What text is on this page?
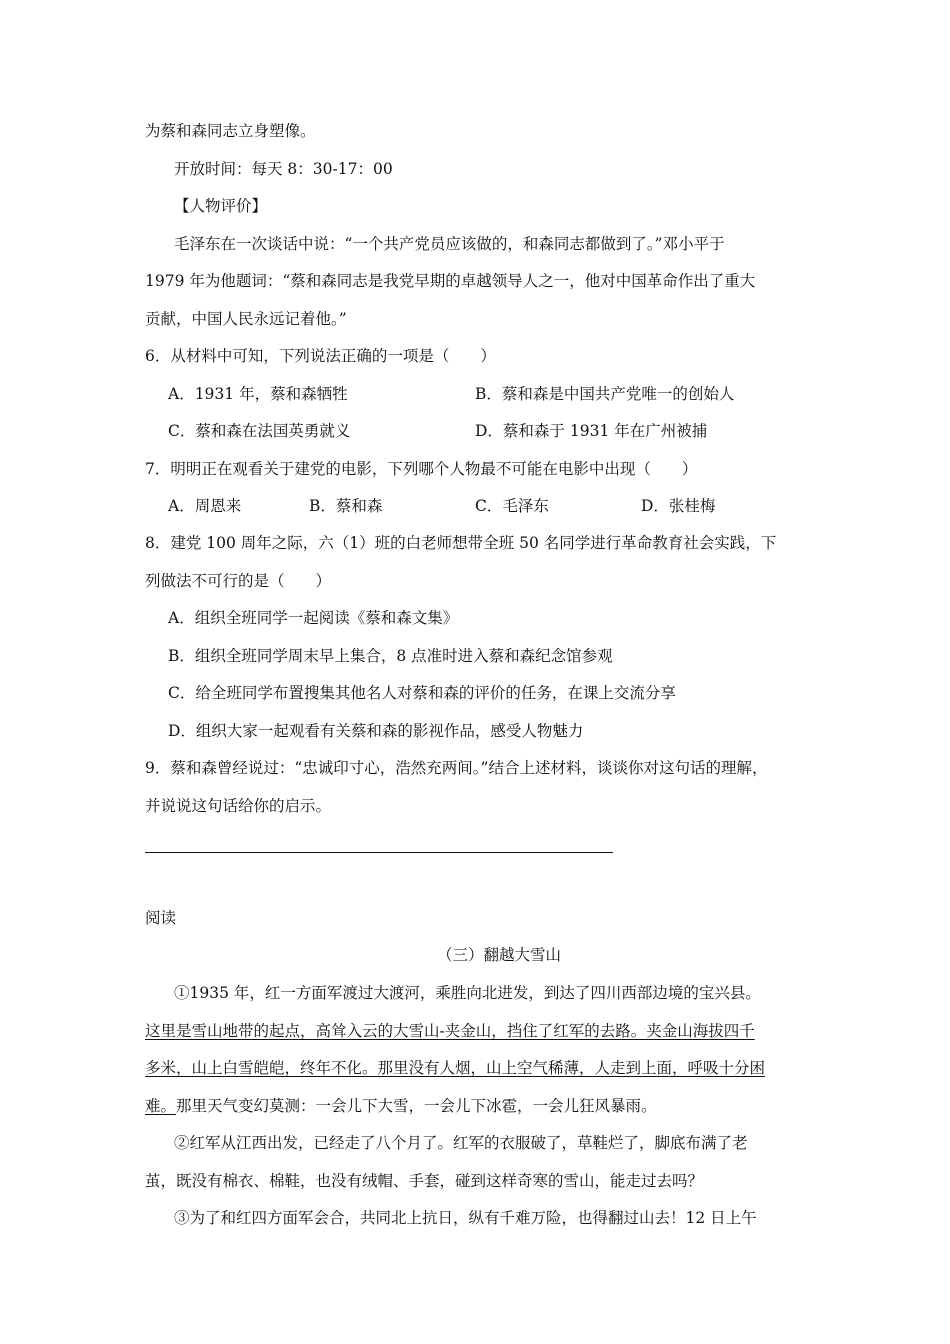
为蔡和森同志立身塑像。
开放时间：每天 8：30-17：00
【人物评价】
毛泽东在一次谈话中说：“一个共产党员应该做的，和森同志都做到了。”邓小平于
1979 年为他题词：“蔡和森同志是我党早期的卓越领导人之一，他对中国革命作出了重大
贡献，中国人民永远记着他。”
6．从材料中可知，下列说法正确的一项是（　　）
A．1931 年，蔡和森牺牲	B．蔡和森是中国共产党唯一的创始人
C．蔡和森在法国英勇就义	D．蔡和森于 1931 年在广州被捕
7．明明正在观看关于建党的电影，下列哪个人物最不可能在电影中出现（　　）
A．周恩来	B．蔡和森	C．毛泽东	D．张桂梅
8．建党 100 周年之际，六（1）班的白老师想带全班 50 名同学进行革命教育社会实践，下
列做法不可行的是（　　）
A．组织全班同学一起阅读《蔡和森文集》
B．组织全班同学周末早上集合，8 点准时进入蔡和森纪念馆参观
C．给全班同学布置搜集其他名人对蔡和森的评价的任务，在课上交流分享
D．组织大家一起观看有关蔡和森的影视作品，感受人物魅力
9．蔡和森曾经说过：“忠诚印寸心，浩然充两间。”结合上述材料，谈谈你对这句话的理解，
并说说这句话给你的启示。
阅读
（三）翻越大雪山
①1935 年，红一方面军渡过大渡河，乘胜向北进发，到达了四川西部边境的宝兴县。
这里是雪山地带的起点，高耸入云的大雪山-夹金山，挡住了红军的去路。夹金山海拔四千
多米，山上白雪皑皑，终年不化。那里没有人烟，山上空气稀薄，人走到上面，呼吸十分困
难。那里天气变幻莫测：一会儿下大雪，一会儿下冰雹，一会儿狂风暴雨。
②红军从江西出发，已经走了八个月了。红军的衣服破了，草鞋烂了，脚底布满了老
茧，既没有棉衣、棉鞋，也没有绒帽、手套，碰到这样奇寒的雪山，能走过去吗？
③为了和红四方面军会合，共同北上抗日，纵有千难万险，也得翻过山去！12 日上午
